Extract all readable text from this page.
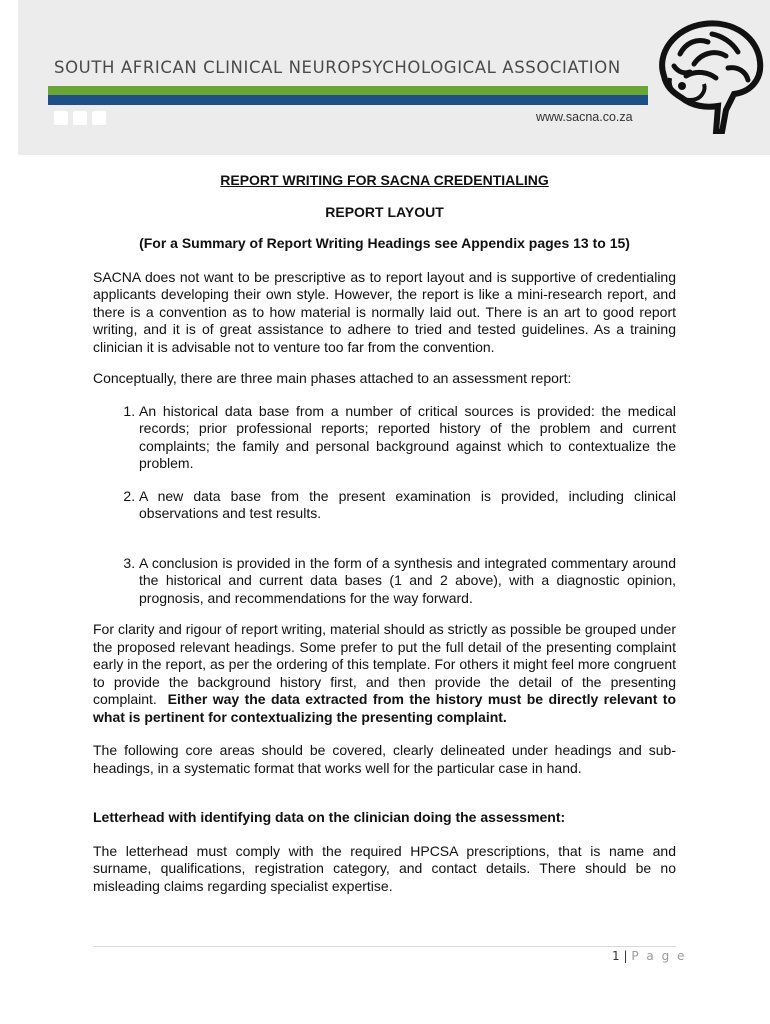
SOUTH AFRICAN CLINICAL NEUROPSYCHOLOGICAL ASSOCIATION
www.sacna.co.za

REPORT WRITING FOR SACNA CREDENTIALING

REPORT LAYOUT

(For a Summary of Report Writing Headings see Appendix pages 13 to 15)

SACNA does not want to be prescriptive as to report layout and is supportive of credentialing applicants developing their own style. However, the report is like a mini-research report, and there is a convention as to how material is normally laid out. There is an art to good report writing, and it is of great assistance to adhere to tried and tested guidelines. As a training clinician it is advisable not to venture too far from the convention.

Conceptually, there are three main phases attached to an assessment report:

1. An historical data base from a number of critical sources is provided: the medical records; prior professional reports; reported history of the problem and current complaints; the family and personal background against which to contextualize the problem.
2. A new data base from the present examination is provided, including clinical observations and test results.
3. A conclusion is provided in the form of a synthesis and integrated commentary around the historical and current data bases (1 and 2 above), with a diagnostic opinion, prognosis, and recommendations for the way forward.

For clarity and rigour of report writing, material should as strictly as possible be grouped under the proposed relevant headings. Some prefer to put the full detail of the presenting complaint early in the report, as per the ordering of this template. For others it might feel more congruent to provide the background history first, and then provide the detail of the presenting complaint. Either way the data extracted from the history must be directly relevant to what is pertinent for contextualizing the presenting complaint.

The following core areas should be covered, clearly delineated under headings and sub-headings, in a systematic format that works well for the particular case in hand.

Letterhead with identifying data on the clinician doing the assessment:

The letterhead must comply with the required HPCSA prescriptions, that is name and surname, qualifications, registration category, and contact details. There should be no misleading claims regarding specialist expertise.

1 | P a g e
